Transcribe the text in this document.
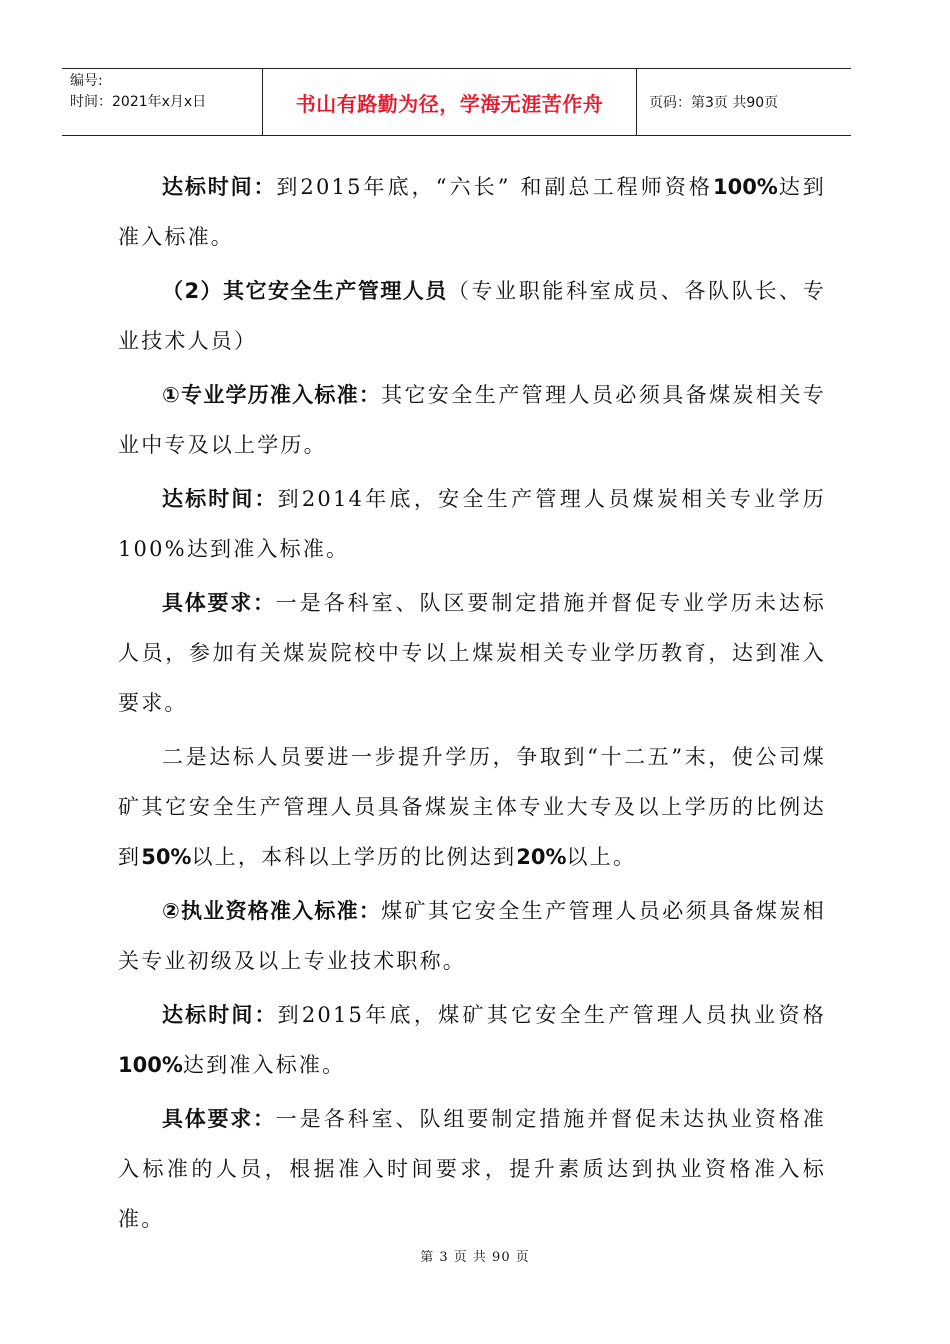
编号:
时间：2021年x月x日	书山有路勤为径，学海无涯苦作舟	页码：第3页 共90页

达标时间：到2015年底，“六长” 和副总工程师资格100%达到准入标准。

（2）其它安全生产管理人员（专业职能科室成员、各队队长、专业技术人员）

①专业学历准入标准：其它安全生产管理人员必须具备煤炭相关专业中专及以上学历。

达标时间：到2014年底，安全生产管理人员煤炭相关专业学历100%达到准入标准。

具体要求：一是各科室、队区要制定措施并督促专业学历未达标人员，参加有关煤炭院校中专以上煤炭相关专业学历教育，达到准入要求。

二是达标人员要进一步提升学历，争取到“十二五”末，使公司煤矿其它安全生产管理人员具备煤炭主体专业大专及以上学历的比例达到50%以上，本科以上学历的比例达到20%以上。

②执业资格准入标准：煤矿其它安全生产管理人员必须具备煤炭相关专业初级及以上专业技术职称。

达标时间：到2015年底，煤矿其它安全生产管理人员执业资格100%达到准入标准。

具体要求：一是各科室、队组要制定措施并督促未达执业资格准入标准的人员，根据准入时间要求，提升素质达到执业资格准入标准。

第 3 页 共 90 页
